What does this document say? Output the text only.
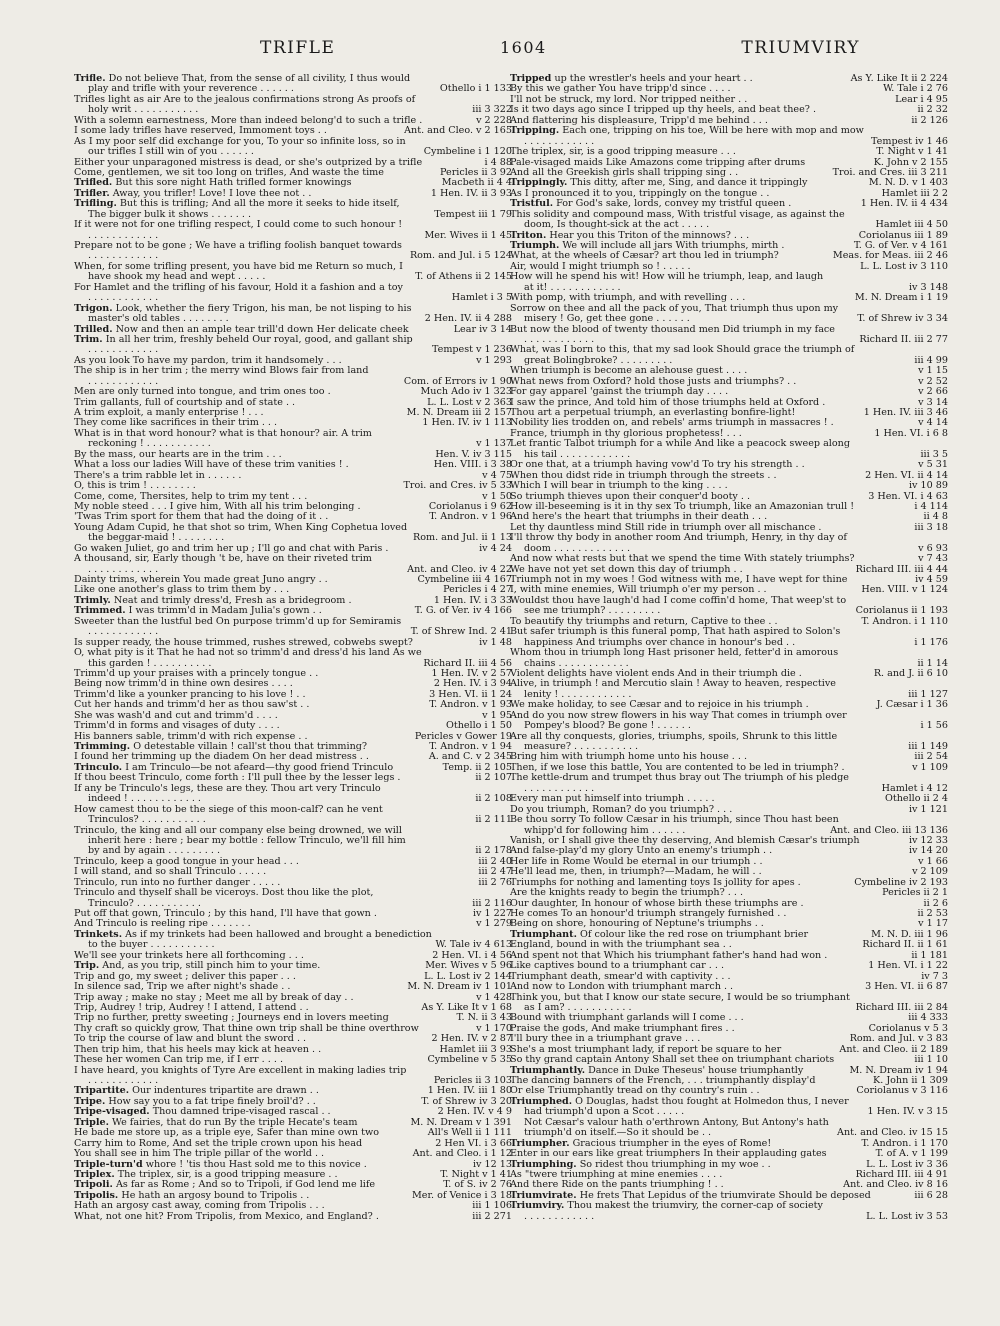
TRIFLE	1604	TRIUMVIRY
Trifle. Do not believe That, from the sense of all civility, I thus would
Othello i 1 133
play and trifle with your reverence . . . . . .
Trifles light as air Are to the jealous confirmations strong As proofs of
iii 3 322
holy writ . . . . . . . . . . .
v 2 228
With a solemn earnestness, More than indeed belong'd to such a trifle .
Ant. and Cleo. v 2 165
I some lady trifles have reserved, Immoment toys . .
As I my poor self did exchange for you, To your so infinite loss, so in
Cymbeline i 1 120
our trifles I still win of you . . . . . .
i 4 88
Either your unparagoned mistress is dead, or she's outprized by a trifle
Pericles ii 3 92
Come, gentlemen, we sit too long on trifles, And waste the time
Macbeth ii 4 4
Trifled. But this sore night Hath trifled former knowings
1 Hen. IV. ii 3 93
Trifler. Away, you trifler! Love! I love thee not . .
Trifling. But this is trifling; And all the more it seeks to hide itself,
Tempest iii 1 79
The bigger bulk it shows . . . . . . .
If it were not for one trifling respect, I could come to such honour !
Mer. Wives ii 1 45
. . . . . . . . . . . .
Prepare not to be gone ; We have a trifling foolish banquet towards
Rom. and Jul. i 5 124
. . . . . . . . . . . .
When, for some trifling present, you have bid me Return so much, I
T. of Athens ii 2 145
have shook my head and wept . . . . .
For Hamlet and the trifling of his favour, Hold it a fashion and a toy
Hamlet i 3 5
. . . . . . . . . . . .
Trigon. Look, whether the fiery Trigon, his man, be not lisping to his
2 Hen. IV. ii 4 288
master's old tables . . . . . . . .
Lear iv 3 14
Trilled. Now and then an ample tear trill'd down Her delicate cheek
Trim. In all her trim, freshly beheld Our royal, good, and gallant ship
Tempest v 1 236
. . . . . . . . . . . .
v 1 293
As you look To have my pardon, trim it handsomely . . .
The ship is in her trim ; the merry wind Blows fair from land
Com. of Errors iv 1 90
. . . . . . . . . . . .
Much Ado iv 1 323
Men are only turned into tongue, and trim ones too .
L. L. Lost v 2 363
Trim gallants, full of courtship and of state . .
M. N. Dream iii 2 157
A trim exploit, a manly enterprise ! . . .
1 Hen. IV. iv 1 113
They come like sacrifices in their trim . . .
What is in that word honour? what is that honour? air. A trim
v 1 137
reckoning ! . . . . . . . . . . .
Hen. V. iv 3 115
By the mass, our hearts are in the trim . . .
Hen. VIII. i 3 38
What a loss our ladies Will have of these trim vanities ! .
v 4 75
There's a trim rabble let in . . . . . .
Troi. and Cres. iv 5 33
O, this is trim ! . . . . . . . .
v 1 50
Come, come, Thersites, help to trim my tent . . .
Coriolanus i 9 62
My noble steed . . . I give him, With all his trim belonging .
T. Andron. v 1 96
'Twas Trim sport for them that had the doing of it . .
Young Adam Cupid, he that shot so trim, When King Cophetua loved
Rom. and Jul. ii 1 13
the beggar-maid ! . . . . . . . .
iv 4 24
Go waken Juliet, go and trim her up ; I'll go and chat with Paris .
A thousand, sir, Early though 't be, have on their riveted trim
Ant. and Cleo. iv 4 22
. . . . . . . . . . . .
Cymbeline iii 4 167
Dainty trims, wherein You made great Juno angry . .
Pericles i 4 27
Like one another's glass to trim them by . . .
1 Hen. IV. i 3 33
Trimly. Neat and trimly dress'd, Fresh as a bridegroom .
T. G. of Ver. iv 4 166
Trimmed. I was trimm'd in Madam Julia's gown . .
Sweeter than the lustful bed On purpose trimm'd up for Semiramis
T. of Shrew Ind. 2 41
. . . . . . . . . . . .
iv 1 48
Is supper ready, the house trimmed, rushes strewed, cobwebs swept?
O, what pity is it That he had not so trimm'd and dress'd his land As we
Richard II. iii 4 56
this garden ! . . . . . . . . . .
1 Hen. IV. v 2 57
Trimm'd up your praises with a princely tongue . .
2 Hen. IV. i 3 94
Being now trimm'd in thine own desires . . . .
3 Hen. VI. ii 1 24
Trimm'd like a younker prancing to his love ! . .
T. Andron. v 1 93
Cut her hands and trimm'd her as thou saw'st . .
v 1 95
She was wash'd and cut and trimm'd . . . .
Othello i 1 50
Trimm'd in forms and visages of duty . . . .
Pericles v Gower 19
His banners sable, trimm'd with rich expense . .
T. Andron. v 1 94
Trimming. O detestable villain ! call'st thou that trimming?
A. and C. v 2 345
I found her trimming up the diadem On her dead mistress . .
Temp. ii 2 105
Trinculo. I am Trinculo—be not afeard—thy good friend Trinculo
ii 2 107
If thou beest Trinculo, come forth : I'll pull thee by the lesser legs .
If any be Trinculo's legs, these are they. Thou art very Trinculo
ii 2 108
indeed ! . . . . . . . . . . . .
How camest thou to be the siege of this moon-calf? can he vent
ii 2 111
Trinculos? . . . . . . . . . . .
Trinculo, the king and all our company else being drowned, we will
inherit here : here ; bear my bottle : fellow Trinculo, we'll fill him
ii 2 178
by and by again . . . . . . . . .
iii 2 40
Trinculo, keep a good tongue in your head . . .
iii 2 47
I will stand, and so shall Trinculo . . . . .
iii 2 76
Trinculo, run into no further danger . . . . .
Trinculo and thyself shall be viceroys. Dost thou like the plot,
iii 2 116
Trinculo? . . . . . . . . . . .
iv 1 227
Put off that gown, Trinculo ; by this hand, I'll have that gown .
v 1 279
And Trinculo is reeling ripe . . . . . . .
Trinkets. As if my trinkets had been hallowed and brought a benediction
W. Tale iv 4 613
to the buyer . . . . . . . . . . .
2 Hen. VI. i 4 56
We'll see your trinkets here all forthcoming . . .
Mer. Wives v 5 96
Trip. And, as you trip, still pinch him to your time.
L. L. Lost iv 2 144
Trip and go, my sweet ; deliver this paper . . .
M. N. Dream iv 1 101
In silence sad, Trip we after night's shade . .
v 1 428
Trip away ; make no stay ; Meet me all by break of day . .
As Y. Like It v 1 68
Trip, Audrey ! trip, Audrey ! I attend, I attend . .
T. N. ii 3 43
Trip no further, pretty sweeting ; Journeys end in lovers meeting
v 1 170
Thy craft so quickly grow, That thine own trip shall be thine overthrow
2 Hen. IV. v 2 87
To trip the course of law and blunt the sword . .
Hamlet iii 3 93
Then trip him, that his heels may kick at heaven . .
Cymbeline v 5 35
These her women Can trip me, if I err . . . .
I have heard, you knights of Tyre Are excellent in making ladies trip
Pericles ii 3 103
. . . . . . . . . . . .
1 Hen. IV. iii 1 80
Tripartite. Our indentures tripartite are drawn . .
T. of Shrew iv 3 20
Tripe. How say you to a fat tripe finely broil'd? . .
2 Hen. IV. v 4 9
Tripe-visaged. Thou damned tripe-visaged rascal . .
M. N. Dream v 1 391
Triple. We fairies, that do run By the triple Hecate's team
All's Well ii 1 111
He bade me store up, as a triple eye, Safer than mine own two
2 Hen VI. i 3 66
Carry him to Rome, And set the triple crown upon his head
Ant. and Cleo. i 1 12
You shall see in him The triple pillar of the world . .
iv 12 13
Triple-turn'd whore ! 'tis thou Hast sold me to this novice .
T. Night v 1 41
Triplex. The triplex, sir, is a good tripping measure . .
T. of S. iv 2 76
Tripoli. As far as Rome ; And so to Tripoli, if God lend me life
Mer. of Venice i 3 18
Tripolis. He hath an argosy bound to Tripolis . .
iii 1 106
Hath an argosy cast away, coming from Tripolis . . .
iii 2 271
What, not one hit? From Tripolis, from Mexico, and England? .
As Y. Like It ii 2 224
Tripped up the wrestler's heels and your heart . .
W. Tale i 2 76
By this we gather You have tripp'd since . . . .
Lear i 4 95
I'll not be struck, my lord. Nor tripped neither . .
ii 2 32
Is it two days ago since I tripped up thy heels, and beat thee? .
ii 2 126
And flattering his displeasure, Tripp'd me behind . . .
Tripping. Each one, tripping on his toe, Will be here with mop and mow
Tempest iv 1 46
. . . . . . . . . . . .
T. Night v 1 41
The triplex, sir, is a good tripping measure . . .
K. John v 2 155
Pale-visaged maids Like Amazons come tripping after drums
Troi. and Cres. iii 3 211
And all the Greekish girls shall tripping sing . .
M. N. D. v 1 403
Trippingly. This ditty, after me, Sing, and dance it trippingly
Hamlet iii 2 2
As I pronounced it to you, trippingly on the tongue . .
1 Hen. IV. ii 4 434
Tristful. For God's sake, lords, convey my tristful queen .
This solidity and compound mass, With tristful visage, as against the
Hamlet iii 4 50
doom, Is thought-sick at the act . . . . .
Coriolanus iii 1 89
Triton. Hear you this Triton of the minnows? . . .
T. G. of Ver. v 4 161
Triumph. We will include all jars With triumphs, mirth .
Meas. for Meas. iii 2 46
What, at the wheels of Cæsar? art thou led in triumph?
L. L. Lost iv 3 110
Air, would I might triumph so ! . . . . .
How will he spend his wit! How will he triumph, leap, and laugh
iv 3 148
at it! . . . . . . . . . . . .
M. N. Dream i 1 19
With pomp, with triumph, and with revelling . . .
Sorrow on thee and all the pack of you, That triumph thus upon my
T. of Shrew iv 3 34
misery ! Go, get thee gone . . . . . .
But now the blood of twenty thousand men Did triumph in my face
Richard II. iii 2 77
. . . . . . . . . . . .
What, was I born to this, that my sad look Should grace the triumph of
iii 4 99
great Bolingbroke? . . . . . . . . .
v 1 15
When triumph is become an alehouse guest . . . .
v 2 52
What news from Oxford? hold those justs and triumphs? . .
v 2 66
For gay apparel 'gainst the triumph day . . . .
v 3 14
I saw the prince, And told him of those triumphs held at Oxford .
1 Hen. IV. iii 3 46
Thou art a perpetual triumph, an everlasting bonfire-light!
v 4 14
Nobility lies trodden on, and rebels' arms triumph in massacres ! .
1 Hen. VI. i 6 8
France, triumph in thy glorious prophetess! . . .
Let frantic Talbot triumph for a while And like a peacock sweep along
iii 3 5
his tail . . . . . . . . . . . .
v 5 31
Or one that, at a triumph having vow'd To try his strength . .
2 Hen. VI. ii 4 14
When thou didst ride in triumph through the streets . .
iv 10 89
Which I will bear in triumph to the king . . . .
3 Hen. VI. i 4 63
So triumph thieves upon their conquer'd booty . .
i 4 114
How ill-beseeming is it in thy sex To triumph, like an Amazonian trull !
ii 4 8
And here's the heart that triumphs in their death . . .
iii 3 18
Let thy dauntless mind Still ride in triumph over all mischance .
I'll throw thy body in another room And triumph, Henry, in thy day of
v 6 93
doom . . . . . . . . . . . . .
v 7 43
And now what rests but that we spend the time With stately triumphs?
Richard III. iii 4 44
We have not yet set down this day of triumph . .
iv 4 59
Triumph not in my woes ! God witness with me, I have wept for thine
Hen. VIII. v 1 124
I, with mine enemies, Will triumph o'er my person . .
Wouldst thou have laugh'd had I come coffin'd home, That weep'st to
Coriolanus ii 1 193
see me triumph? . . . . . . . . .
T. Andron. i 1 110
To beautify thy triumphs and return, Captive to thee . .
But safer triumph is this funeral pomp, That hath aspired to Solon's
i 1 176
happiness And triumphs over chance in honour's bed . .
Whom thou in triumph long Hast prisoner held, fetter'd in amorous
ii 1 14
chains . . . . . . . . . . . .
R. and J. ii 6 10
Violent delights have violent ends And in their triumph die .
Alive, in triumph ! and Mercutio slain ! Away to heaven, respective
iii 1 127
lenity ! . . . . . . . . . . . .
J. Cæsar i 1 36
We make holiday, to see Cæsar and to rejoice in his triumph .
And do you now strew flowers in his way That comes in triumph over
i 1 56
Pompey's blood? Be gone ! . . . . . .
Are all thy conquests, glories, triumphs, spoils, Shrunk to this little
iii 1 149
measure? . . . . . . . . . . .
iii 2 54
Bring him with triumph home unto his house . . .
v 1 109
Then, if we lose this battle, You are contented to be led in triumph? .
The kettle-drum and trumpet thus bray out The triumph of his pledge
Hamlet i 4 12
. . . . . . . . . . . .
Othello ii 2 4
Every man put himself into triumph . . . . .
iv 1 121
Do you triumph, Roman? do you triumph? . . .
Be thou sorry To follow Cæsar in his triumph, since Thou hast been
Ant. and Cleo. iii 13 136
whipp'd for following him . . . . . .
iv 12 33
Vanish, or I shall give thee thy deserving, And blemish Cæsar's triumph
iv 14 20
And false-play'd my glory Unto an enemy's triumph . .
v 1 66
Her life in Rome Would be eternal in our triumph . .
v 2 109
He'll lead me, then, in triumph?—Madam, he will . .
Cymbeline iv 2 193
Triumphs for nothing and lamenting toys Is jollity for apes .
Pericles ii 2 1
Are the knights ready to begin the triumph? . . .
ii 2 6
Our daughter, In honour of whose birth these triumphs are .
ii 2 53
He comes To an honour'd triumph strangely furnished . .
v 1 17
Being on shore, honouring of Neptune's triumphs . .
M. N. D. iii 1 96
Triumphant. Of colour like the red rose on triumphant brier
Richard II. ii 1 61
England, bound in with the triumphant sea . .
ii 1 181
And spent not that Which his triumphant father's hand had won .
1 Hen. VI. i 1 22
Like captives bound to a triumphant car . . .
iv 7 3
Triumphant death, smear'd with captivity . . .
3 Hen. VI. ii 6 87
And now to London with triumphant march . .
Think you, but that I know our state secure, I would be so triumphant
Richard III. iii 2 84
as I am? . . . . . . . . . . .
iii 4 333
Bound with triumphant garlands will I come . . .
Coriolanus v 5 3
Praise the gods, And make triumphant fires . .
Rom. and Jul. v 3 83
I'll bury thee in a triumphant grave . . .
Ant. and Cleo. ii 2 189
She's a most triumphant lady, if report be square to her
iii 1 10
So thy grand captain Antony Shall set thee on triumphant chariots
M. N. Dream iv 1 94
Triumphantly. Dance in Duke Theseus' house triumphantly
K. John ii 1 309
The dancing banners of the French, . . . triumphantly display'd
Coriolanus v 3 116
Or else Triumphantly tread on thy country's ruin . .
Triumphed. O Douglas, hadst thou fought at Holmedon thus, I never
1 Hen. IV. v 3 15
had triumph'd upon a Scot . . . . .
Not Cæsar's valour hath o'erthrown Antony, But Antony's hath
Ant. and Cleo. iv 15 15
triumph'd on itself.—So it should be . .
T. Andron. i 1 170
Triumpher. Gracious triumpher in the eyes of Rome!
T. of A. v 1 199
Enter in our ears like great triumphers In their applauding gates
L. L. Lost iv 3 36
Triumphing. So ridest thou triumphing in my woe . .
Richard III. iii 4 91
As "twere triumphing at mine enemies . . . .
Ant. and Cleo. iv 8 16
And there Ride on the pants triumphing ! . .
iii 6 28
Triumvirate. He frets That Lepidus of the triumvirate Should be deposed
Triumviry. Thou makest the triumviry, the corner-cap of society
L. L. Lost iv 3 53
. . . . . . . . . . . .
